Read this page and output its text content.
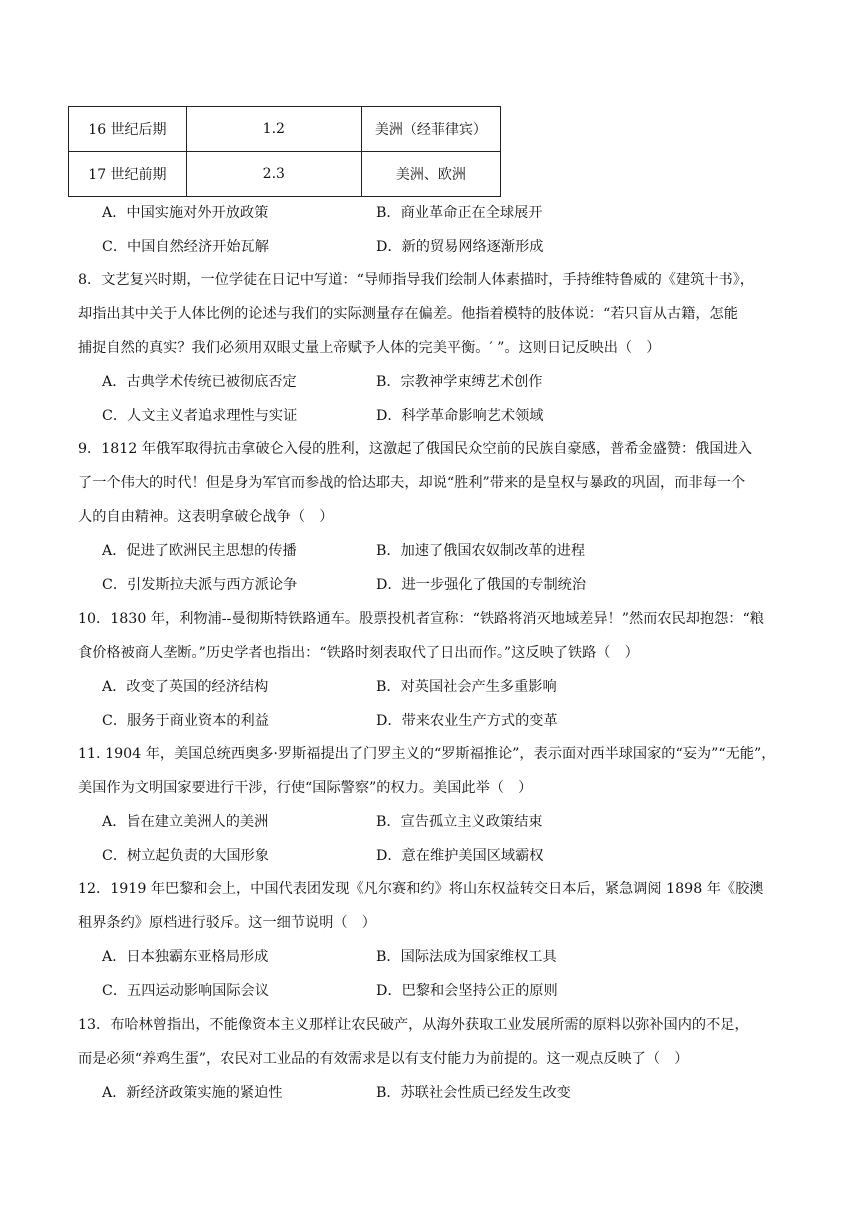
16 世纪后期	1.2	美洲（经菲律宾）
17 世纪前期	2.3	美洲、欧洲
A．中国实施对外开放政策	B．商业革命正在全球展开
C．中国自然经济开始瓦解	D．新的贸易网络逐渐形成
8．文艺复兴时期，一位学徒在日记中写道：“导师指导我们绘制人体素描时，手持维特鲁威的《建筑十书》，
却指出其中关于人体比例的论述与我们的实际测量存在偏差。他指着模特的肢体说：“若只盲从古籍，怎能
捕捉自然的真实？我们必须用双眼丈量上帝赋予人体的完美平衡。′ ”。这则日记反映出（　）
A．古典学术传统已被彻底否定	B．宗教神学束缚艺术创作
C．人文主义者追求理性与实证	D．科学革命影响艺术领域
9．1812 年俄军取得抗击拿破仑入侵的胜利，这激起了俄国民众空前的民族自豪感，普希金盛赞：俄国进入
了一个伟大的时代！但是身为军官而参战的恰达耶夫，却说“胜利”带来的是皇权与暴政的巩固，而非每一个
人的自由精神。这表明拿破仑战争（　）
A．促进了欧洲民主思想的传播	B．加速了俄国农奴制改革的进程
C．引发斯拉夫派与西方派论争	D．进一步强化了俄国的专制统治
10．1830 年，利物浦--曼彻斯特铁路通车。股票投机者宣称：“铁路将消灭地域差异！”然而农民却抱怨：“粮
食价格被商人垄断。”历史学者也指出：“铁路时刻表取代了日出而作。”这反映了铁路（　）
A．改变了英国的经济结构	B．对英国社会产生多重影响
C．服务于商业资本的利益	D．带来农业生产方式的变革
11. 1904 年，美国总统西奥多·罗斯福提出了门罗主义的“罗斯福推论”，表示面对西半球国家的“妄为”“无能”，
美国作为文明国家要进行干涉，行使“国际警察”的权力。美国此举（　）
A．旨在建立美洲人的美洲	B．宣告孤立主义政策结束
C．树立起负责的大国形象	D．意在维护美国区域霸权
12．1919 年巴黎和会上，中国代表团发现《凡尔赛和约》将山东权益转交日本后，紧急调阅 1898 年《胶澳
租界条约》原档进行驳斥。这一细节说明（　）
A．日本独霸东亚格局形成	B．国际法成为国家维权工具
C．五四运动影响国际会议	D．巴黎和会坚持公正的原则
13．布哈林曾指出，不能像资本主义那样让农民破产，从海外获取工业发展所需的原料以弥补国内的不足，
而是必须“养鸡生蛋”，农民对工业品的有效需求是以有支付能力为前提的。这一观点反映了（　）
A．新经济政策实施的紧迫性	B．苏联社会性质已经发生改变
